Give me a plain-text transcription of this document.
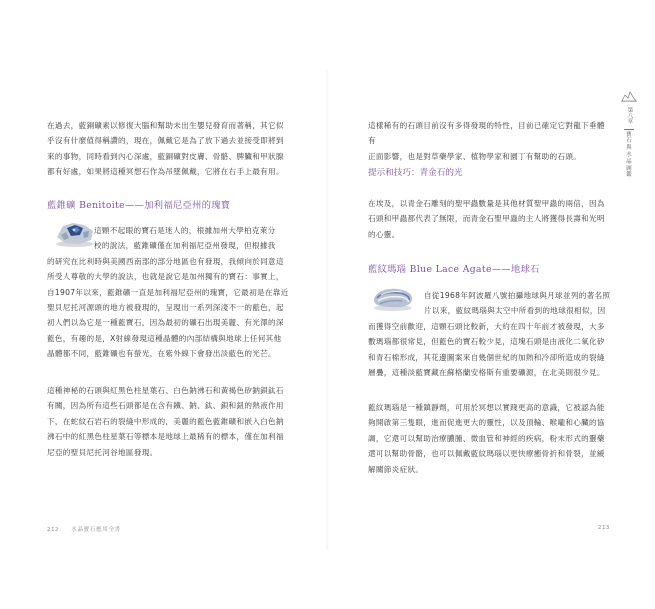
在過去，藍銅礦素以修復大腦和幫助未出生嬰兒發育而著稱，其它似

乎沒有什麼值得稱讚的，現在，佩戴它是為了放下過去並接受即將到

來的事物，同時看到內心深處，藍銅礦對皮膚、骨骼、脾臟和甲狀腺

都有好處，如果將這種冥想石作為吊墜佩戴，它將在右手上最有用。

藍錐礦 Benitoite——加利福尼亞州的瑰寶

這顆不起眼的寶石是迷人的，根據加州大學柏克萊分

校的說法，藍錐礦僅在加利福尼亞州發現，但根據我

的研究在比利時與美國西南部的部分地區也有發現，我傾向於同意這

所受人尊敬的大學的說法，也就是說它是加州獨有的寶石：事實上，

自1907年以來，藍錐礦一直是加利福尼亞州的瑰寶，它最初是在靠近

聖貝尼托河源頭的地方被發現的，呈現出一系列深淺不一的藍色，起

初人們以為它是一種藍寶石，因為最初的礦石出現美麗、有光澤的深

藍色，有趣的是，X射線發現這種晶體的內部結構與地球上任何其他

晶體都不同，藍錐礦也有螢光，在紫外線下會發出淡藍色的光芒。

這種神秘的石頭與紅黑色柱星葉石、白色鈉沸石和黃褐色矽鈉鋇鈦石

有關，因為所有這些石頭都是在含有鐵、鈉、鈦、鋇和鈕的熱液作用

下，在蛇紋石岩石的裂縫中形成的，美麗的藍色藍錐礦和嵌入白色鈉

沸石中的紅黑色柱星葉石等標本是地球上最稀有的標本，僅在加利福

尼亞的聖貝尼托河谷地區發現。

212 水晶寶石應用全書

這樣稀有的石頭目前沒有多得發現的特性，目前已確定它對龍下垂體有

正面影響，也是對草藥學家、植物學家和園丁有幫助的石頭。

提示和技巧：青金石的光

在埃及，以青金石雕刻的聖甲蟲數量是其他材質聖甲蟲的兩倍，因為

石頭和甲蟲都代表了無限，而青金石聖甲蟲的主人將獲得長壽和光明

的心靈。

藍紋瑪瑙 Blue Lace Agate——地球石

自從1968年阿波羅八號拍攝地球與月球並列的著名照

片以來，藍紋瑪瑙與太空中所看到的地球很相似，因

而獲得空前歡迎，這顆石頭比較新，大約在四十年前才被發現，大多

數瑪瑙都很常見，但藍色的寶石較少見，這塊石頭是由液化二氧化矽

和青石棉形成，其花邊圖案來自幾個世紀的加熱和冷卻所造成的裂縫

層疊，這種淡藍寶藏在蘇格蘭安格斯有重要礦源，在北美則很少見。

藍紋瑪瑙是一種鎮靜劑，可用於冥想以實踐更高的意識，它被認為能

夠開啟第三隻眼，進而促進更大的靈性，以及頂輪、喉嚨和心臟的協

調，它還可以幫助治療膿腫、微血管和神經的疾病，粉末形式的靈藥

還可以幫助骨骼，也可以佩戴藍紋瑪瑙以更快療癒骨折和骨裂，並緩

解關節炎症狀。

213
第八章
寶
石
與
水
晶
圖
鑑
